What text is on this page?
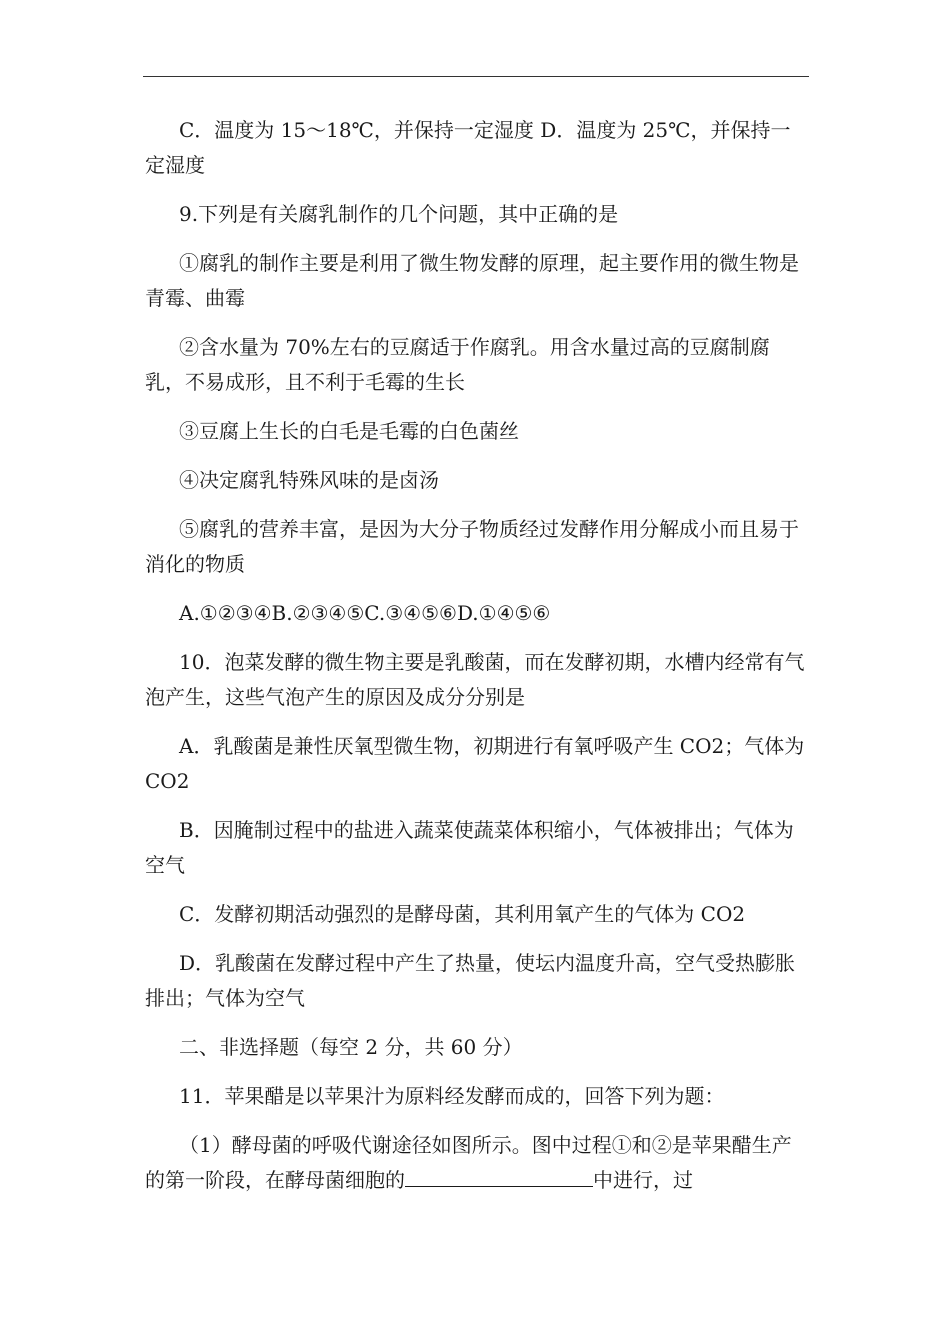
C．温度为 15～18℃，并保持一定湿度 D．温度为 25℃，并保持一定湿度

9.下列是有关腐乳制作的几个问题，其中正确的是

①腐乳的制作主要是利用了微生物发酵的原理，起主要作用的微生物是青霉、曲霉

②含水量为 70%左右的豆腐适于作腐乳。用含水量过高的豆腐制腐乳，不易成形，且不利于毛霉的生长

③豆腐上生长的白毛是毛霉的白色菌丝

④决定腐乳特殊风味的是卤汤

⑤腐乳的营养丰富，是因为大分子物质经过发酵作用分解成小而且易于消化的物质

A.①②③④B.②③④⑤C.③④⑤⑥D.①④⑤⑥

10．泡菜发酵的微生物主要是乳酸菌，而在发酵初期，水槽内经常有气泡产生，这些气泡产生的原因及成分分别是

A．乳酸菌是兼性厌氧型微生物，初期进行有氧呼吸产生 CO2；气体为 CO2

B．因腌制过程中的盐进入蔬菜使蔬菜体积缩小，气体被排出；气体为空气

C．发酵初期活动强烈的是酵母菌，其利用氧产生的气体为 CO2

D．乳酸菌在发酵过程中产生了热量，使坛内温度升高，空气受热膨胀排出；气体为空气

二、非选择题（每空 2 分，共 60 分）

11．苹果醋是以苹果汁为原料经发酵而成的，回答下列为题：

（1）酵母菌的呼吸代谢途径如图所示。图中过程①和②是苹果醋生产的第一阶段，在酵母菌细胞的	中进行，过
